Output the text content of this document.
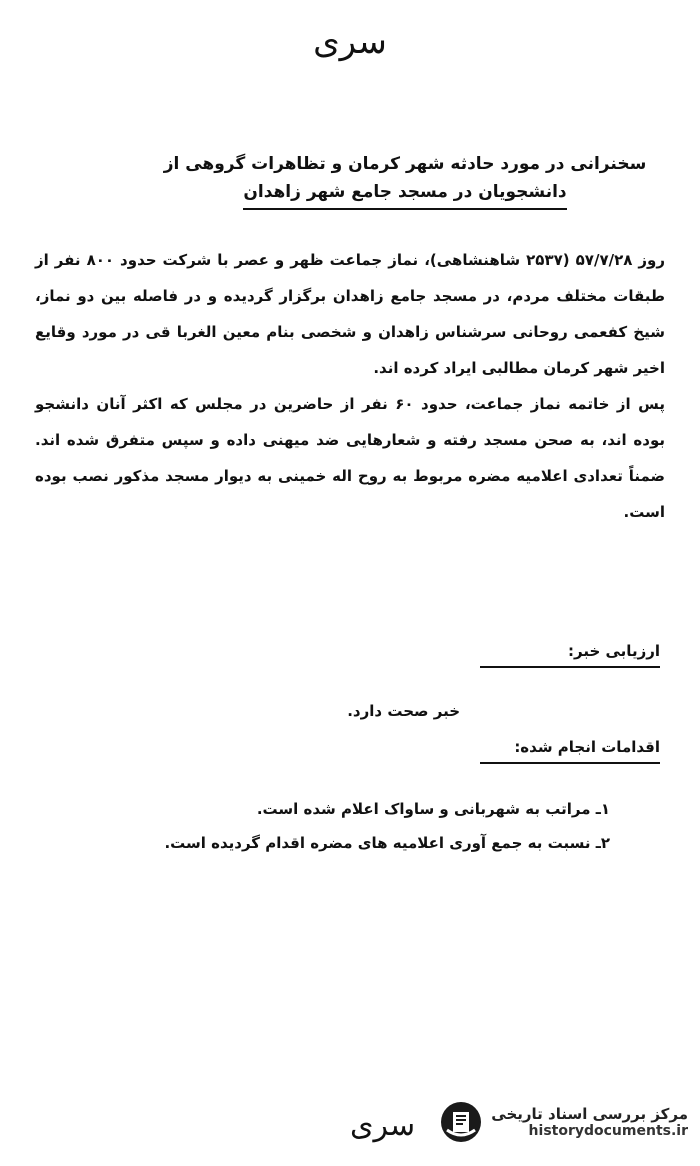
سری
سخنرانی در مورد حادثه شهر کرمان و تظاهرات گروهی از
دانشجویان در مسجد جامع شهر زاهدان

روز ۵۷/۷/۲۸ (۲۵۳۷ شاهنشاهی)، نماز جماعت ظهر و عصر با شرکت حدود ۸۰۰ نفر از طبقات مختلف مردم، در مسجد جامع زاهدان برگزار گردیده و در فاصله بین دو نماز، شیخ کفعمی روحانی سرشناس زاهدان و شخصی بنام معین الغربا قی در مورد وقایع اخیر شهر کرمان مطالبی ایراد کرده اند.

پس از خاتمه نماز جماعت، حدود ۶۰ نفر از حاضرین در مجلس که اکثر آنان دانشجو بوده اند، به صحن مسجد رفته و شعارهایی ضد میهنی داده و سپس متفرق شده اند. ضمناً تعدادی اعلامیه مضره مربوط به روح اله خمینی به دیوار مسجد مذکور نصب بوده است.

ارزیابی خبر:
خبر صحت دارد.
اقدامات انجام شده:
۱ـ مراتب به شهربانی و ساواک اعلام شده است.
۲ـ نسبت به جمع آوری اعلامیه های مضره اقدام گردیده است.
سری	مرکز بررسی اسناد تاریخی
historydocuments.ir
